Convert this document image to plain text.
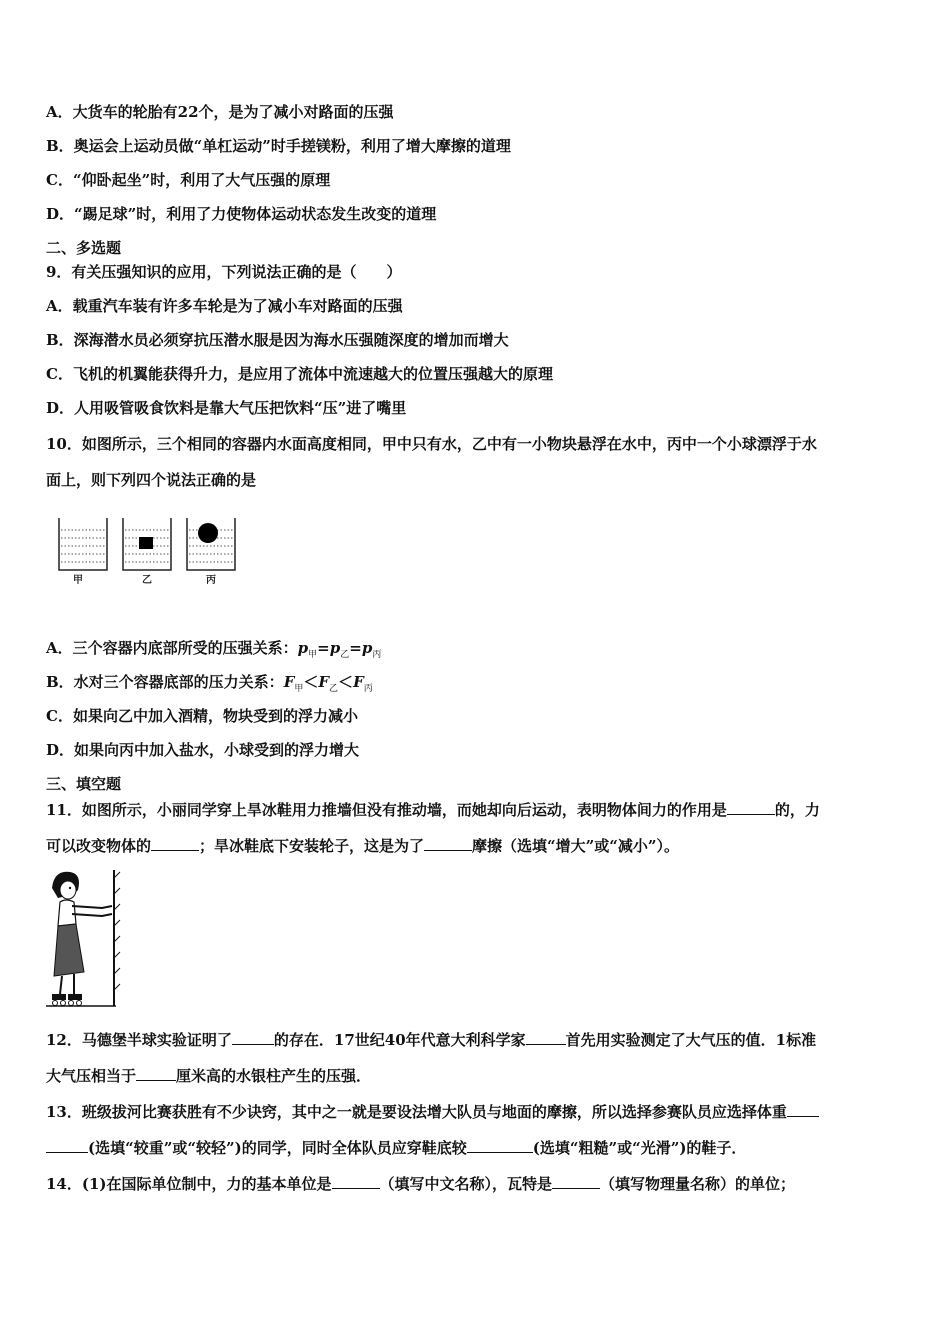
A．大货车的轮胎有22个，是为了减小对路面的压强
B．奥运会上运动员做“单杠运动”时手搓镁粉，利用了增大摩擦的道理
C．“仰卧起坐”时，利用了大气压强的原理
D．“踢足球”时，利用了力使物体运动状态发生改变的道理
二、多选题
9．有关压强知识的应用，下列说法正确的是（　　）
A．载重汽车装有许多车轮是为了减小车对路面的压强
B．深海潜水员必须穿抗压潜水服是因为海水压强随深度的增加而增大
C．飞机的机翼能获得升力，是应用了流体中流速越大的位置压强越大的原理
D．人用吸管吸食饮料是靠大气压把饮料“压”进了嘴里
10．如图所示，三个相同的容器内水面高度相同，甲中只有水，乙中有一小物块悬浮在水中，丙中一个小球漂浮于水
面上，则下列四个说法正确的是
甲	乙	丙
A．三个容器内底部所受的压强关系：$p_甲=p_乙=p_丙$
B．水对三个容器底部的压力关系：$F_甲<F_乙<F_丙$
C．如果向乙中加入酒精，物块受到的浮力减小
D．如果向丙中加入盐水，小球受到的浮力增大
三、填空题
11．如图所示，小丽同学穿上旱冰鞋用力推墙但没有推动墙，而她却向后运动，表明物体间力的作用是	的，力
可以改变物体的	；旱冰鞋底下安装轮子，这是为了	摩擦（选填“增大”或“减小”）。
12．马德堡半球实验证明了	的存在．17世纪40年代意大利科学家	首先用实验测定了大气压的值．1标准
大气压相当于	厘米高的水银柱产生的压强．
13．班级拔河比赛获胜有不少诀窍，其中之一就是要设法增大队员与地面的摩擦，所以选择参赛队员应选择体重
(选填“较重”或“较轻”)的同学，同时全体队员应穿鞋底较	(选填“粗糙”或“光滑”)的鞋子．
14．(1)在国际单位制中，力的基本单位是	（填写中文名称），瓦特是	（填写物理量名称）的单位；
